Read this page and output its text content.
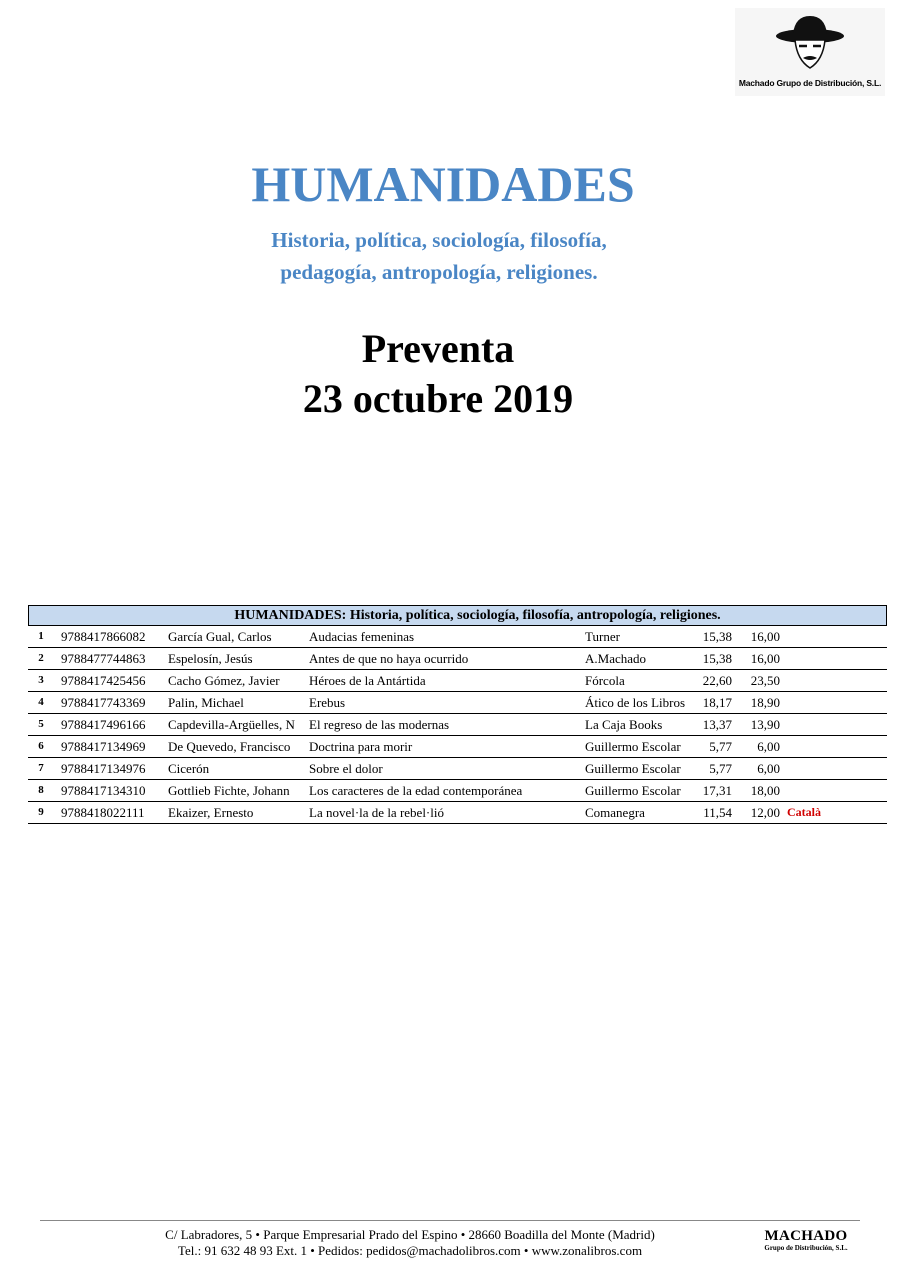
Machado Grupo de Distribución, S.L.
HUMANIDADES
Historia, política, sociología, filosofía,
pedagogía, antropología, religiones.
Preventa
23 octubre 2019
HUMANIDADES: Historia, política, sociología, filosofía, antropología, religiones.
1	9788417866082	García Gual, Carlos	Audacias femeninas	Turner	15,38	16,00
2	9788477744863	Espelosín, Jesús	Antes de que no haya ocurrido	A.Machado	15,38	16,00
3	9788417425456	Cacho Gómez, Javier	Héroes de la Antártida	Fórcola	22,60	23,50
4	9788417743369	Palin, Michael	Erebus	Ático de los Libros	18,17	18,90
5	9788417496166	Capdevilla-Argüelles, N	El regreso de las modernas	La Caja Books	13,37	13,90
6	9788417134969	De Quevedo, Francisco	Doctrina para morir	Guillermo Escolar	5,77	6,00
7	9788417134976	Cicerón	Sobre el dolor	Guillermo Escolar	5,77	6,00
8	9788417134310	Gottlieb Fichte, Johann	Los caracteres de la edad contemporánea	Guillermo Escolar	17,31	18,00
9	9788418022111	Ekaizer, Ernesto	La novel·la de la rebel·lió	Comanegra	11,54	12,00 Català
C/ Labradores, 5 • Parque Empresarial Prado del Espino • 28660 Boadilla del Monte (Madrid)
Tel.: 91 632 48 93 Ext. 1 • Pedidos: pedidos@machadolibros.com • www.zonalibros.com
MACHADO
Grupo de Distribución, S.L.
